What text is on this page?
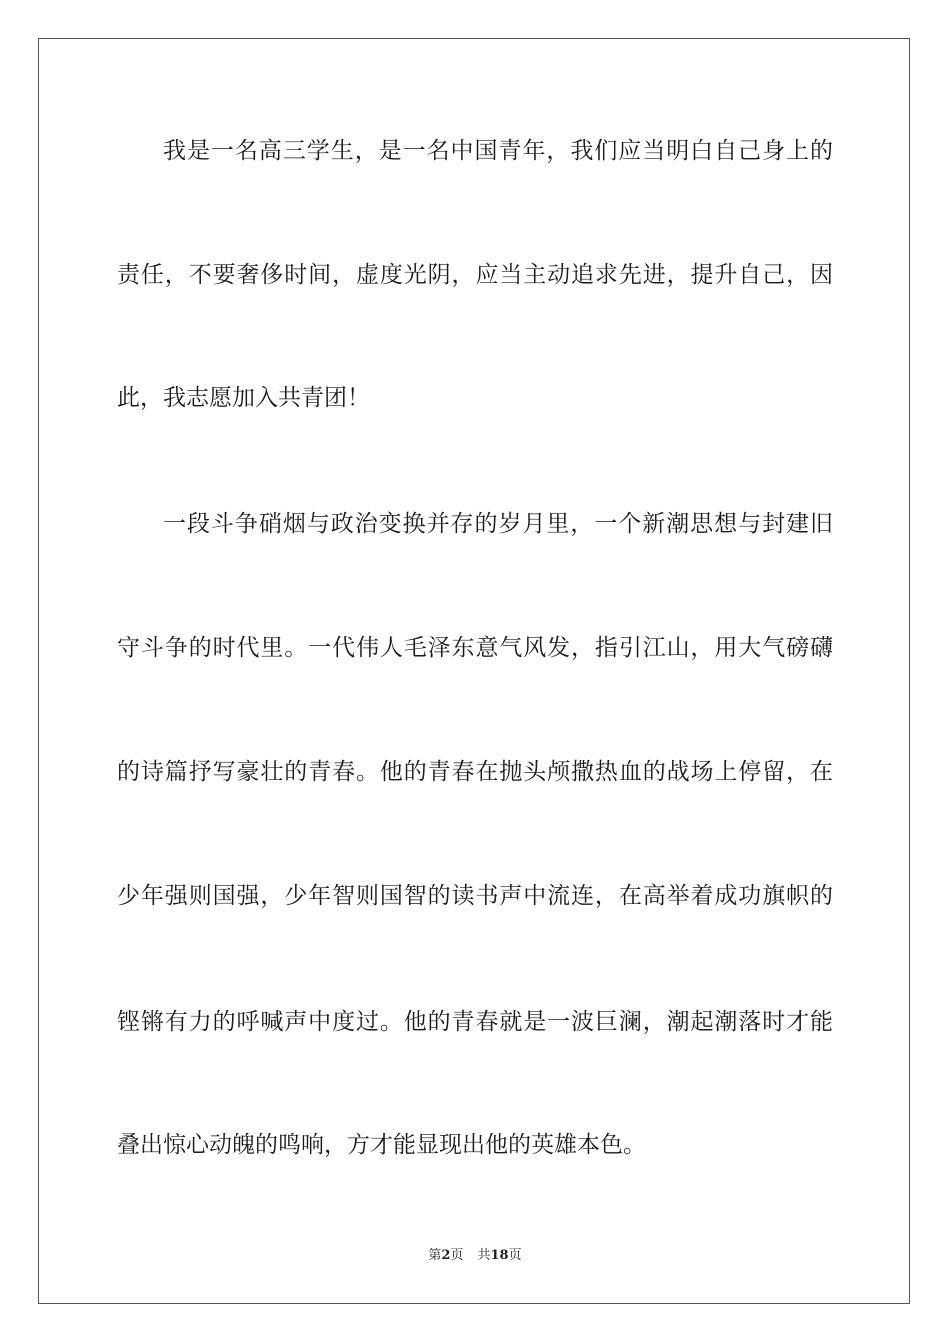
我是一名高三学生，是一名中国青年，我们应当明白自己身上的
责任，不要奢侈时间，虚度光阴，应当主动追求先进，提升自己，因
此，我志愿加入共青团！
一段斗争硝烟与政治变换并存的岁月里，一个新潮思想与封建旧
守斗争的时代里。一代伟人毛泽东意气风发，指引江山，用大气磅礴
的诗篇抒写豪壮的青春。他的青春在抛头颅撒热血的战场上停留，在
少年强则国强，少年智则国智的读书声中流连，在高举着成功旗帜的
铿锵有力的呼喊声中度过。他的青春就是一波巨澜，潮起潮落时才能
叠出惊心动魄的鸣响，方才能显现出他的英雄本色。
第2页 共18页
